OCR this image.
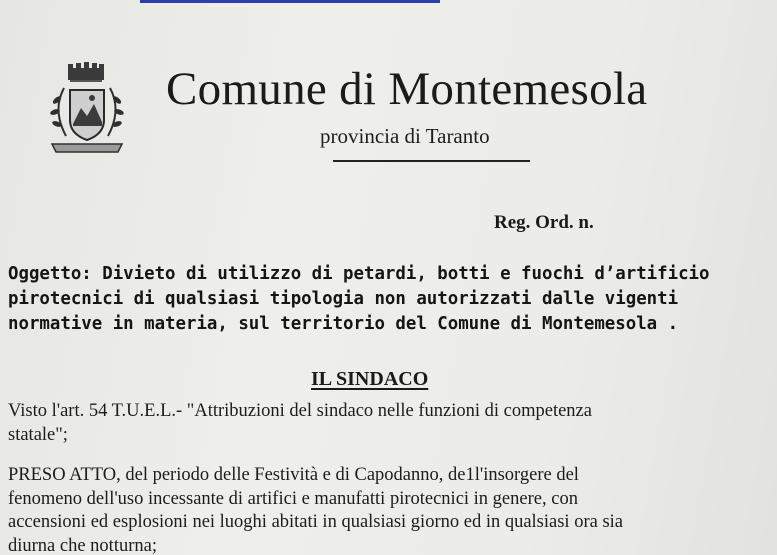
Comune di Montemesola
provincia di Taranto
Reg. Ord. n.
Oggetto: Divieto di utilizzo di petardi, botti e fuochi d’artificio
pirotecnici di qualsiasi tipologia non autorizzati dalle vigenti
normative in materia, sul territorio del Comune di Montemesola .
IL SINDACO
Visto l'art. 54 T.U.E.L.- "Attribuzioni del sindaco nelle funzioni di competenza
statale";
PRESO ATTO, del periodo delle Festività e di Capodanno, de1l'insorgere del
fenomeno dell'uso incessante di artifici e manufatti pirotecnici in genere, con
accensioni ed esplosioni nei luoghi abitati in qualsiasi giorno ed in qualsiasi ora sia
diurna che notturna;
